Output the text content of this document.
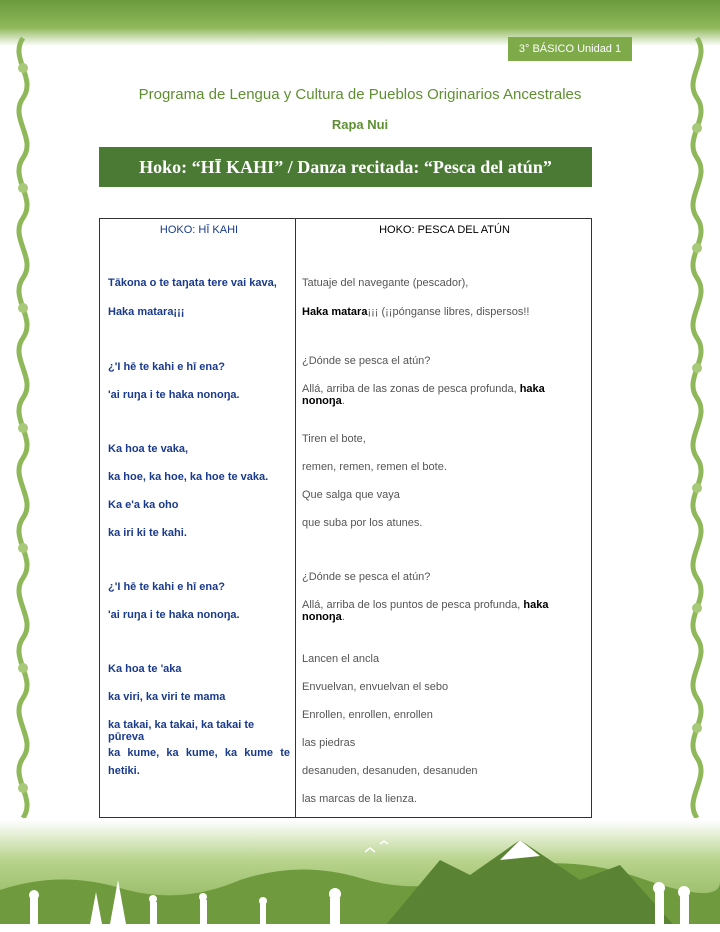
3° BÁSICO Unidad 1
Programa de Lengua y Cultura de Pueblos Originarios Ancestrales
Rapa Nui
Hoko: “HĪ KAHI” / Danza recitada: “Pesca del atún”
HOKO: HĪ KAHI
Tākona o te taŋata tere vai kava,
Haka matara¡¡¡
¿'I hē te kahi e hī ena?
'ai ruŋa i te haka nonoŋa.
Ka hoa te vaka,
ka hoe, ka hoe, ka hoe te vaka.
Ka e'a ka oho
ka iri ki te kahi.
¿'I hē te kahi e hī ena?
'ai ruŋa i te haka nonoŋa.
Ka hoa te 'aka
ka viri, ka viri te mama
ka takai, ka takai, ka takai te pūreva
ka kume, ka kume, ka kume te
hetiki.
HOKO: PESCA DEL ATÚN
Tatuaje del navegante (pescador),
Haka matara¡¡¡ (¡¡pónganse libres, dispersos!!
¿Dónde se pesca el atún?
Allá, arriba de las zonas de pesca profunda, haka nonoŋa.
Tiren el bote,
remen, remen, remen el bote.
Que salga que vaya
que suba por los atunes.
¿Dónde se pesca el atún?
Allá, arriba de los puntos de pesca profunda, haka nonoŋa.
Lancen el ancla
Envuelvan, envuelvan el sebo
Enrollen, enrollen, enrollen
las piedras
desanuden, desanuden, desanuden
las marcas de la lienza.
